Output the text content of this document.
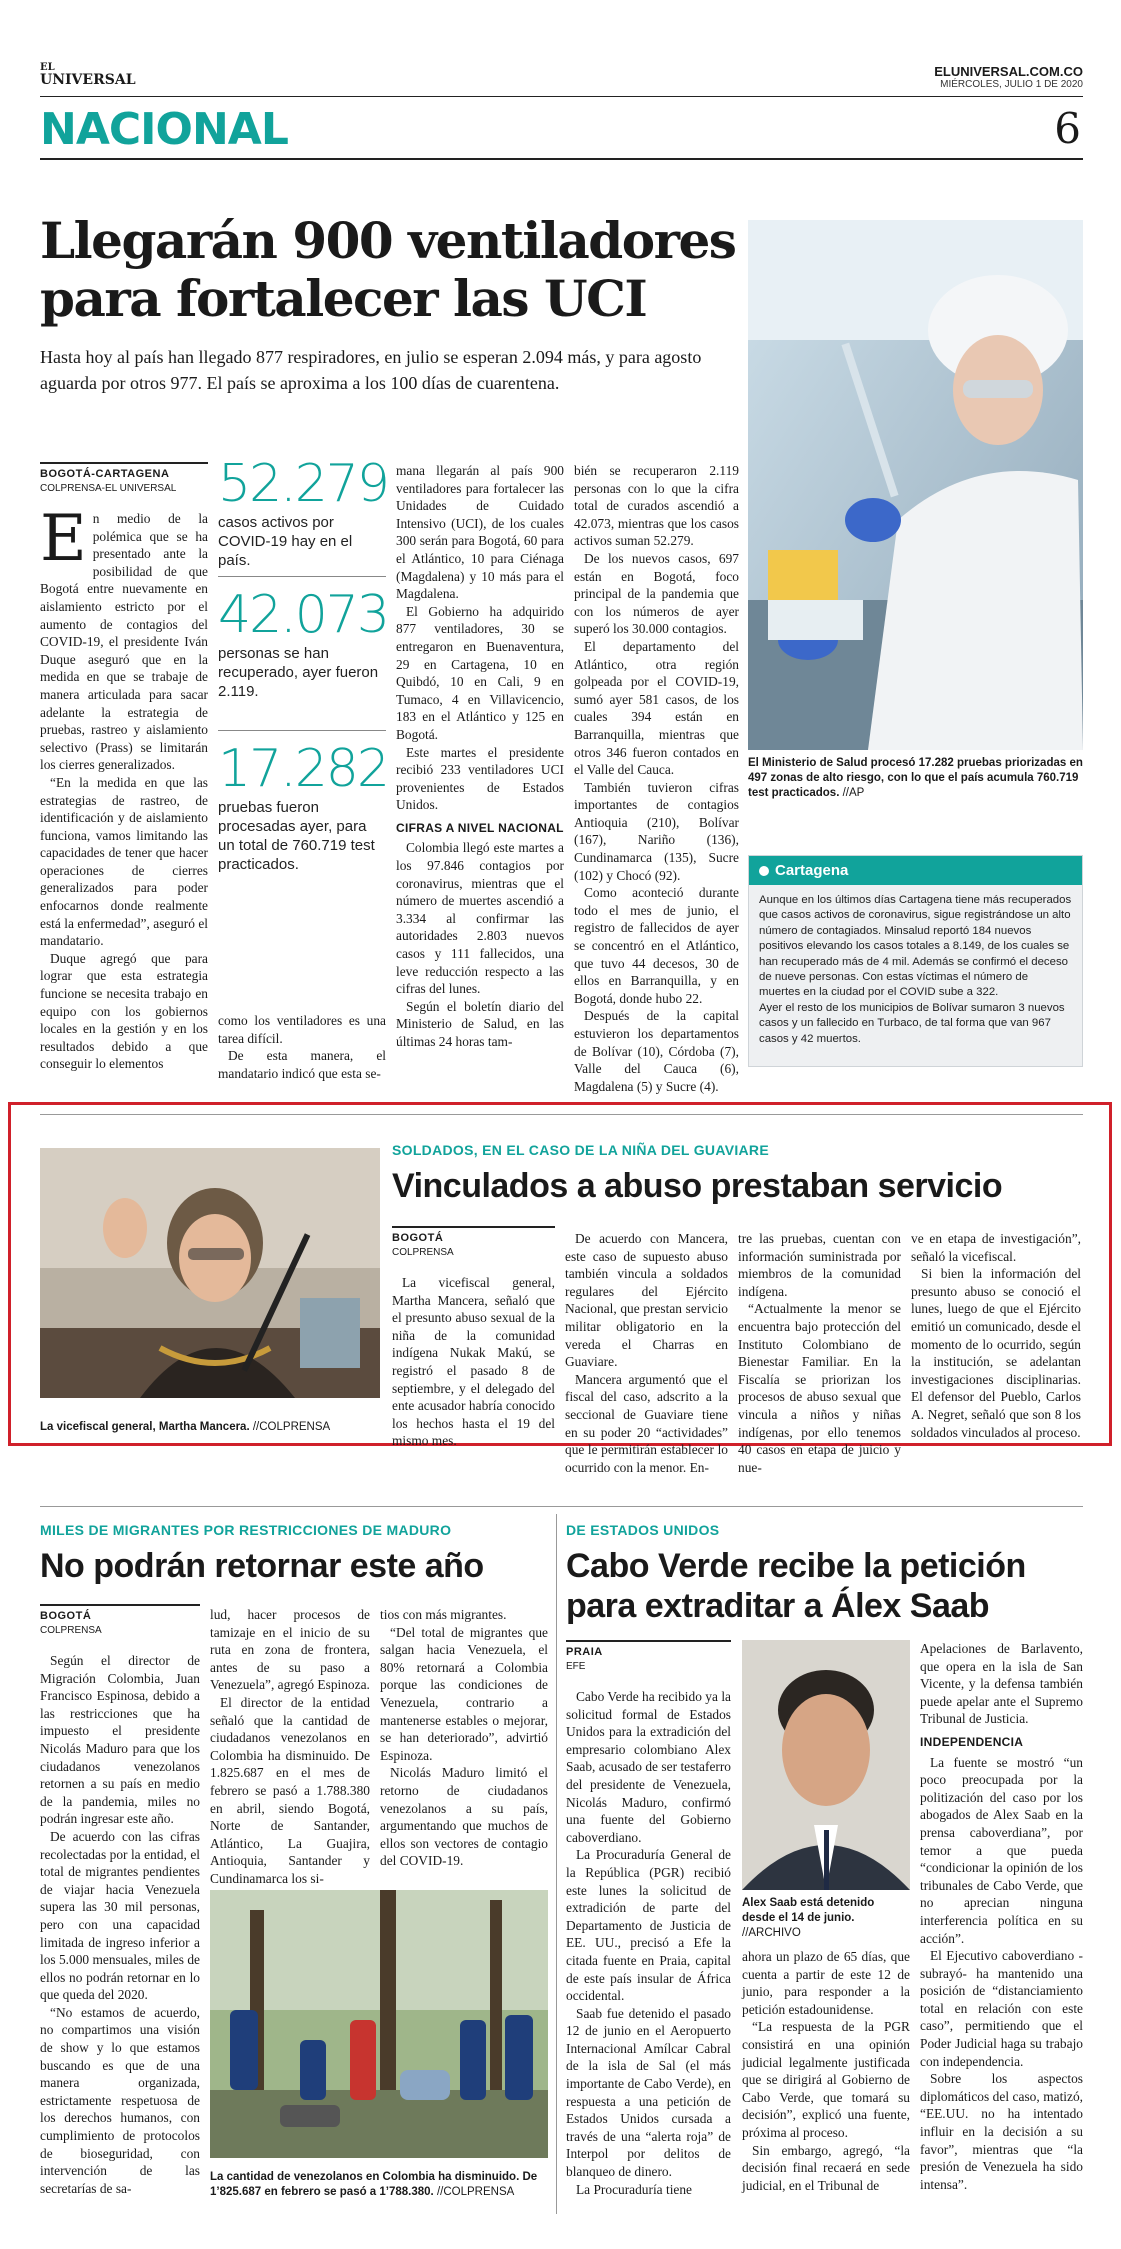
EL
UNIVERSAL
ELUNIVERSAL.COM.CO
MIÉRCOLES, JULIO 1 DE 2020
NACIONAL	6
Llegarán 900 ventiladores para fortalecer las UCI

Hasta hoy al país han llegado 877 respiradores, en julio se esperan 2.094 más, y para agosto aguarda por otros 977. El país se aproxima a los 100 días de cuarentena.

BOGOTÁ-CARTAGENA
COLPRENSA-EL UNIVERSAL

En medio de la polémica que se ha presentado ante la posibilidad de que Bogotá entre nuevamente en aislamiento estricto por el aumento de contagios del COVID-19, el presidente Iván Duque aseguró que en la medida en que se trabaje de manera articulada para sacar adelante la estrategia de pruebas, rastreo y aislamiento selectivo (Prass) se limitarán los cierres generalizados.

“En la medida en que las estrategias de rastreo, de identificación y de aislamiento funciona, vamos limitando las capacidades de tener que hacer operaciones de cierres generalizados para poder enfocarnos donde realmente está la enfermedad”, aseguró el mandatario.

Duque agregó que para lograr que esta estrategia funcione se necesita trabajo en equipo con los gobiernos locales en la gestión y en los resultados debido a que conseguir lo elementos

52.279
casos activos por COVID-19 hay en el país.
42.073
personas se han recuperado, ayer fueron 2.119.
17.282
pruebas fueron procesadas ayer, para un total de 760.719 test practicados.

como los ventiladores es una tarea difícil.

De esta manera, el mandatario indicó que esta se-

mana llegarán al país 900 ventiladores para fortalecer las Unidades de Cuidado Intensivo (UCI), de los cuales 300 serán para Bogotá, 60 para el Atlántico, 10 para Ciénaga (Magdalena) y 10 más para el Magdalena.

El Gobierno ha adquirido 877 ventiladores, 30 se entregaron en Buenaventura, 29 en Cartagena, 10 en Quibdó, 10 en Cali, 9 en Tumaco, 4 en Villavicencio, 183 en el Atlántico y 125 en Bogotá.

Este martes el presidente recibió 233 ventiladores UCI provenientes de Estados Unidos.

CIFRAS A NIVEL NACIONAL

Colombia llegó este martes a los 97.846 contagios por coronavirus, mientras que el número de muertes ascendió a 3.334 al confirmar las autoridades 2.803 nuevos casos y 111 fallecidos, una leve reducción respecto a las cifras del lunes.

Según el boletín diario del Ministerio de Salud, en las últimas 24 horas tam-

bién se recuperaron 2.119 personas con lo que la cifra total de curados ascendió a 42.073, mientras que los casos activos suman 52.279.

De los nuevos casos, 697 están en Bogotá, foco principal de la pandemia que con los números de ayer superó los 30.000 contagios.

El departamento del Atlántico, otra región golpeada por el COVID-19, sumó ayer 581 casos, de los cuales 394 están en Barranquilla, mientras que otros 346 fueron contados en el Valle del Cauca.

También tuvieron cifras importantes de contagios Antioquia (210), Bolívar (167), Nariño (136), Cundinamarca (135), Sucre (102) y Chocó (92).

Como aconteció durante todo el mes de junio, el registro de fallecidos de ayer se concentró en el Atlántico, que tuvo 44 decesos, 30 de ellos en Barranquilla, y en Bogotá, donde hubo 22.

Después de la capital estuvieron los departamentos de Bolívar (10), Córdoba (7), Valle del Cauca (6), Magdalena (5) y Sucre (4).

El Ministerio de Salud procesó 17.282 pruebas priorizadas en 497 zonas de alto riesgo, con lo que el país acumula 760.719 test practicados. //AP
Cartagena

Aunque en los últimos días Cartagena tiene más recuperados que casos activos de coronavirus, sigue registrándose un alto número de contagiados. Minsalud reportó 184 nuevos positivos elevando los casos totales a 8.149, de los cuales se han recuperado más de 4 mil. Además se confirmó el deceso de nueve personas. Con estas víctimas el número de muertes en la ciudad por el COVID sube a 322.

Ayer el resto de los municipios de Bolívar sumaron 3 nuevos casos y un fallecido en Turbaco, de tal forma que van 967 casos y 42 muertos.

La vicefiscal general, Martha Mancera. //COLPRENSA
SOLDADOS, EN EL CASO DE LA NIÑA DEL GUAVIARE
Vinculados a abuso prestaban servicio
BOGOTÁ
COLPRENSA

La vicefiscal general, Martha Mancera, señaló que el presunto abuso sexual de la niña de la comunidad indígena Nukak Makú, se registró el pasado 8 de septiembre, y el delegado del ente acusador habría conocido los hechos hasta el 19 del mismo mes.

De acuerdo con Mancera, este caso de supuesto abuso también vincula a soldados regulares del Ejército Nacional, que prestan servicio militar obligatorio en la vereda el Charras en Guaviare.

Mancera argumentó que el fiscal del caso, adscrito a la seccional de Guaviare tiene en su poder 20 “actividades” que le permitirán establecer lo ocurrido con la menor. En-

tre las pruebas, cuentan con información suministrada por miembros de la comunidad indígena.

“Actualmente la menor se encuentra bajo protección del Instituto Colombiano de Bienestar Familiar. En la Fiscalía se priorizan los procesos de abuso sexual que vincula a niños y niñas indígenas, por ello tenemos 40 casos en etapa de juicio y nue-

ve en etapa de investigación”, señaló la vicefiscal.

Si bien la información del presunto abuso se conoció el lunes, luego de que el Ejército emitió un comunicado, desde el momento de lo ocurrido, según la institución, se adelantan investigaciones disciplinarias. El defensor del Pueblo, Carlos A. Negret, señaló que son 8 los soldados vinculados al proceso.

MILES DE MIGRANTES POR RESTRICCIONES DE MADURO
No podrán retornar este año
BOGOTÁ
COLPRENSA

Según el director de Migración Colombia, Juan Francisco Espinosa, debido a las restricciones que ha impuesto el presidente Nicolás Maduro para que los ciudadanos venezolanos retornen a su país en medio de la pandemia, miles no podrán ingresar este año.

De acuerdo con las cifras recolectadas por la entidad, el total de migrantes pendientes de viajar hacia Venezuela supera las 30 mil personas, pero con una capacidad limitada de ingreso inferior a los 5.000 mensuales, miles de ellos no podrán retornar en lo que queda del 2020.

“No estamos de acuerdo, no compartimos una visión de show y lo que estamos buscando es que de una manera organizada, estrictamente respetuosa de los derechos humanos, con cumplimiento de protocolos de bioseguridad, con intervención de las secretarías de sa-

lud, hacer procesos de tamizaje en el inicio de su ruta en zona de frontera, antes de su paso a Venezuela”, agregó Espinoza.

El director de la entidad señaló que la cantidad de ciudadanos venezolanos en Colombia ha disminuido. De 1.825.687 en el mes de febrero se pasó a 1.788.380 en abril, siendo Bogotá, Norte de Santander, Atlántico, La Guajira, Antioquia, Santander y Cundinamarca los si-

tios con más migrantes.

“Del total de migrantes que salgan hacia Venezuela, el 80% retornará a Colombia porque las condiciones de Venezuela, contrario a mantenerse estables o mejorar, se han deteriorado”, advirtió Espinoza.

Nicolás Maduro limitó el retorno de ciudadanos venezolanos a su país, argumentando que muchos de ellos son vectores de contagio del COVID-19.

La cantidad de venezolanos en Colombia ha disminuido. De 1’825.687 en febrero se pasó a 1’788.380. //COLPRENSA
DE ESTADOS UNIDOS
Cabo Verde recibe la petición para extraditar a Álex Saab
PRAIA
EFE

Cabo Verde ha recibido ya la solicitud formal de Estados Unidos para la extradición del empresario colombiano Alex Saab, acusado de ser testaferro del presidente de Venezuela, Nicolás Maduro, confirmó una fuente del Gobierno caboverdiano.

La Procuraduría General de la República (PGR) recibió este lunes la solicitud de extradición de parte del Departamento de Justicia de EE. UU., precisó a Efe la citada fuente en Praia, capital de este país insular de África occidental.

Saab fue detenido el pasado 12 de junio en el Aeropuerto Internacional Amílcar Cabral de la isla de Sal (el más importante de Cabo Verde), en respuesta a una petición de Estados Unidos cursada a través de una “alerta roja” de Interpol por delitos de blanqueo de dinero.

La Procuraduría tiene

Alex Saab está detenido desde el 14 de junio. //ARCHIVO

ahora un plazo de 65 días, que cuenta a partir de este 12 de junio, para responder a la petición estadounidense.

“La respuesta de la PGR consistirá en una opinión judicial legalmente justificada que se dirigirá al Gobierno de Cabo Verde, que tomará su decisión”, explicó una fuente, próxima al proceso.

Sin embargo, agregó, “la decisión final recaerá en sede judicial, en el Tribunal de

Apelaciones de Barlavento, que opera en la isla de San Vicente, y la defensa también puede apelar ante el Supremo Tribunal de Justicia.

INDEPENDENCIA

La fuente se mostró “un poco preocupada por la politización del caso por los abogados de Alex Saab en la prensa caboverdiana”, por temor a que pueda “condicionar la opinión de los tribunales de Cabo Verde, que no aprecian ninguna interferencia política en su acción”.

El Ejecutivo caboverdiano -subrayó- ha mantenido una posición de “distanciamiento total en relación con este caso”, permitiendo que el Poder Judicial haga su trabajo con independencia.

Sobre los aspectos diplomáticos del caso, matizó, “EE.UU. no ha intentado influir en la decisión a su favor”, mientras que “la presión de Venezuela ha sido intensa”.
